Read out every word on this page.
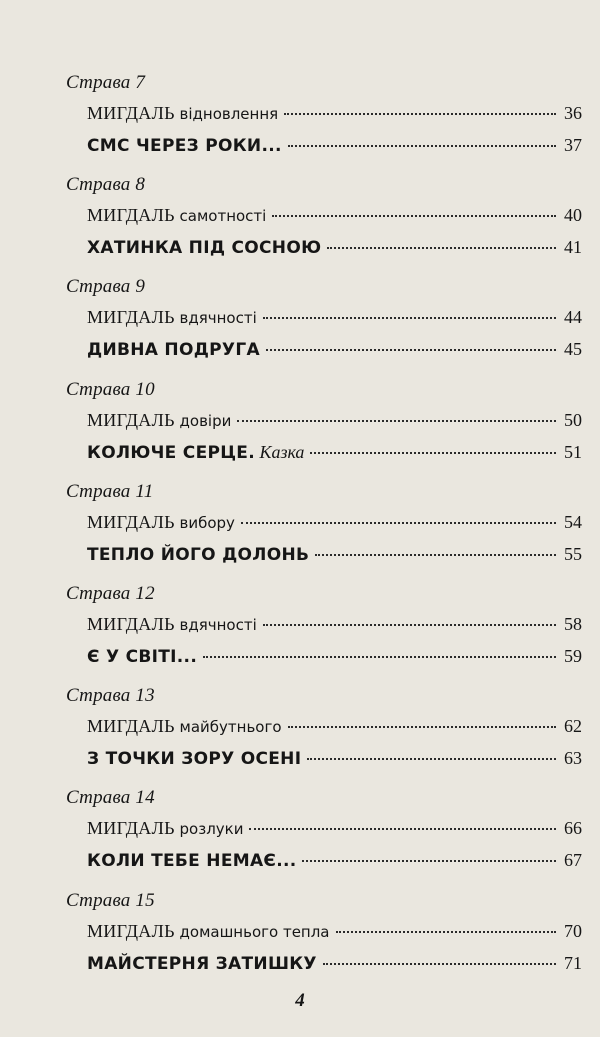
Страва 7
МИГДАЛЬ відновлення	36
СМС ЧЕРЕЗ РОКИ...	37
Страва 8
МИГДАЛЬ самотності	40
ХАТИНКА ПІД СОСНОЮ	41
Страва 9
МИГДАЛЬ вдячності	44
ДИВНА ПОДРУГА	45
Страва 10
МИГДАЛЬ довіри	50
КОЛЮЧЕ СЕРЦЕ. Казка	51
Страва 11
МИГДАЛЬ вибору	54
ТЕПЛО ЙОГО ДОЛОНЬ	55
Страва 12
МИГДАЛЬ вдячності	58
Є У СВІТІ...	59
Страва 13
МИГДАЛЬ майбутнього	62
З ТОЧКИ ЗОРУ ОСЕНІ	63
Страва 14
МИГДАЛЬ розлуки	66
КОЛИ ТЕБЕ НЕМАЄ...	67
Страва 15
МИГДАЛЬ домашнього тепла	70
МАЙСТЕРНЯ ЗАТИШКУ	71
4
